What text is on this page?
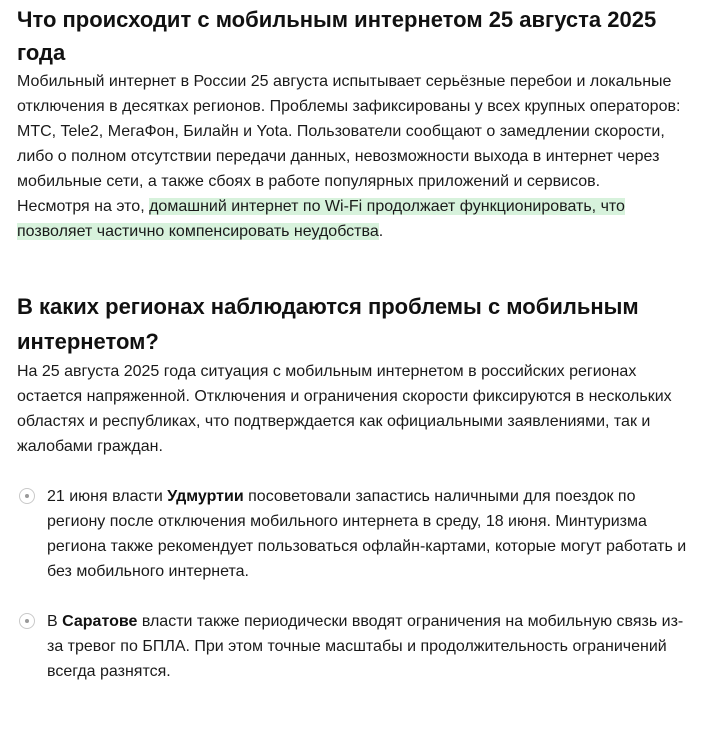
Что происходит с мобильным интернетом 25 августа 2025 года

Мобильный интернет в России 25 августа испытывает серьёзные перебои и локальные отключения в десятках регионов. Проблемы зафиксированы у всех крупных операторов: МТС, Tele2, МегаФон, Билайн и Yota. Пользователи сообщают о замедлении скорости, либо о полном отсутствии передачи данных, невозможности выхода в интернет через мобильные сети, а также сбоях в работе популярных приложений и сервисов.

Несмотря на это, домашний интернет по Wi-Fi продолжает функционировать, что позволяет частично компенсировать неудобства.

В каких регионах наблюдаются проблемы с мобильным интернетом?

На 25 августа 2025 года ситуация с мобильным интернетом в российских регионах остается напряженной. Отключения и ограничения скорости фиксируются в нескольких областях и республиках, что подтверждается как официальными заявлениями, так и жалобами граждан.

21 июня власти Удмуртии посоветовали запастись наличными для поездок по региону после отключения мобильного интернета в среду, 18 июня. Минтуризма региона также рекомендует пользоваться офлайн-картами, которые могут работать и без мобильного интернета.
В Саратове власти также периодически вводят ограничения на мобильную связь из-за тревог по БПЛА. При этом точные масштабы и продолжительность ограничений всегда разнятся.
